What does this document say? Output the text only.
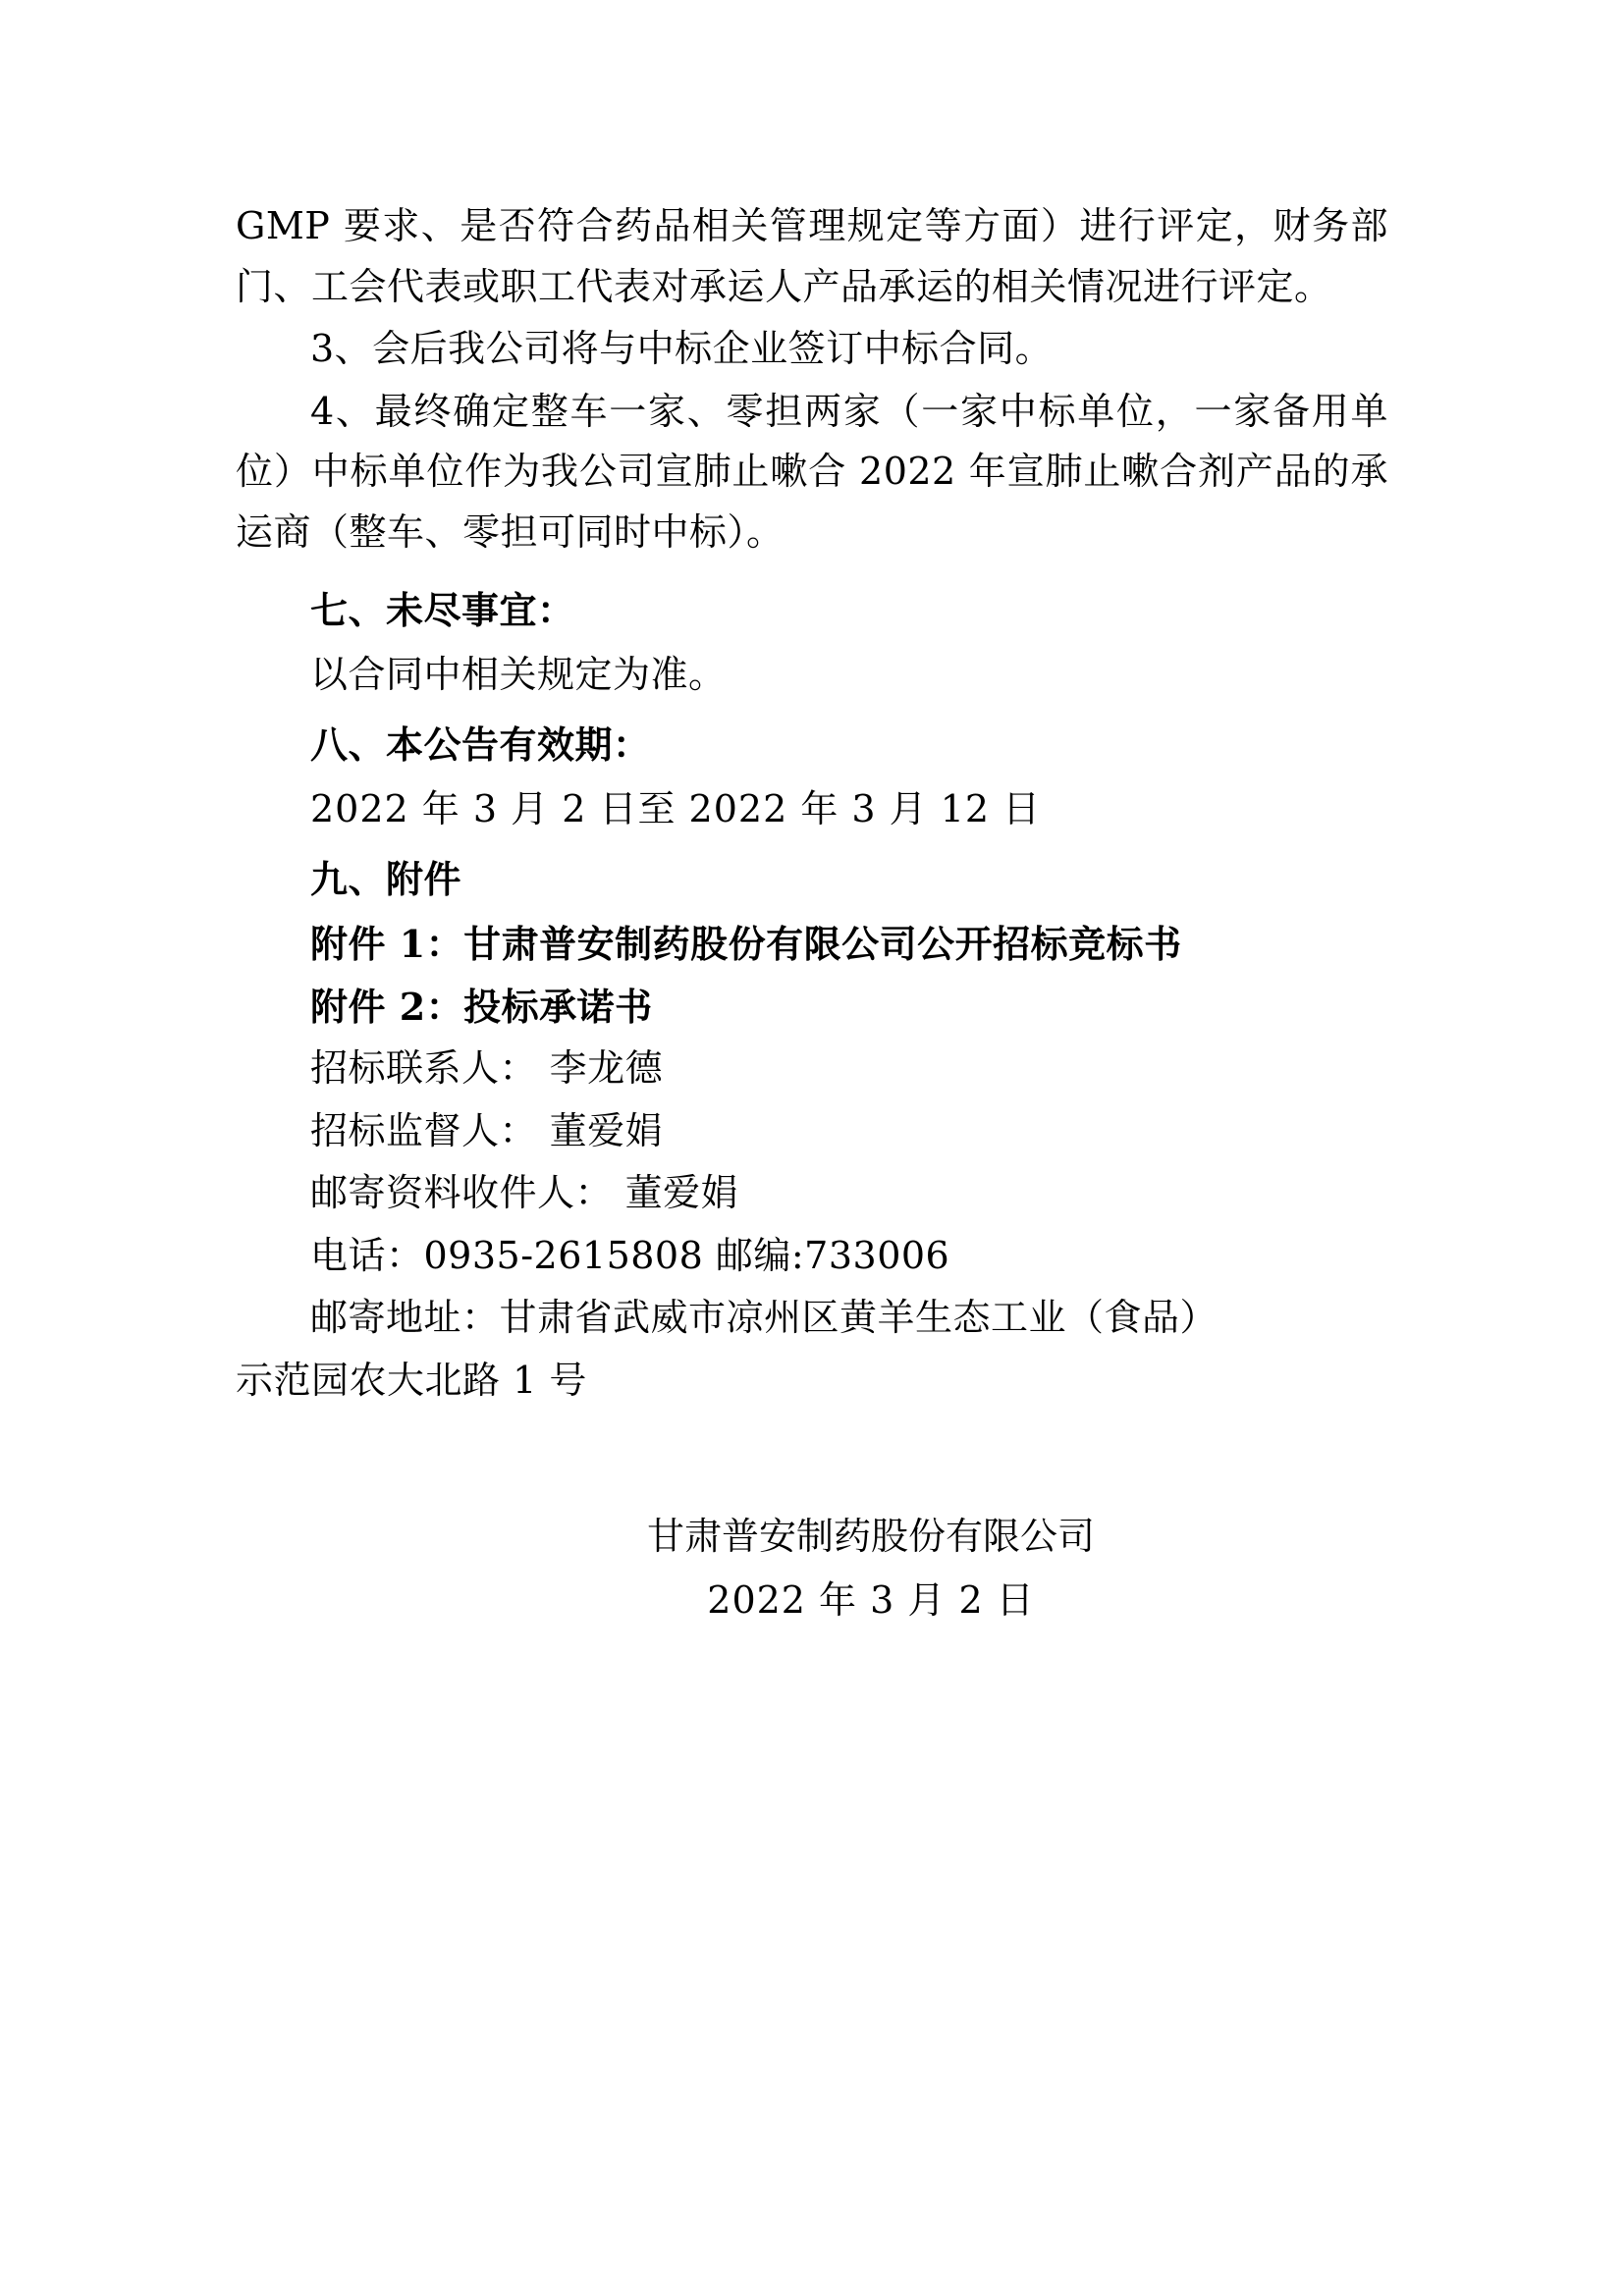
GMP 要求、是否符合药品相关管理规定等方面）进行评定，财务部门、工会代表或职工代表对承运人产品承运的相关情况进行评定。

3、会后我公司将与中标企业签订中标合同。

4、最终确定整车一家、零担两家（一家中标单位，一家备用单位）中标单位作为我公司宣肺止嗽合 2022 年宣肺止嗽合剂产品的承运商（整车、零担可同时中标）。

七、未尽事宜：

以合同中相关规定为准。

八、本公告有效期：

2022 年 3 月 2 日至 2022 年 3 月 12 日

九、附件

附件 1：甘肃普安制药股份有限公司公开招标竞标书

附件 2：投标承诺书

招标联系人： 李龙德

招标监督人： 董爱娟

邮寄资料收件人： 董爱娟

电话：0935-2615808 邮编:733006

邮寄地址：甘肃省武威市凉州区黄羊生态工业（食品）

示范园农大北路 1 号

甘肃普安制药股份有限公司
2022 年 3 月 2 日
